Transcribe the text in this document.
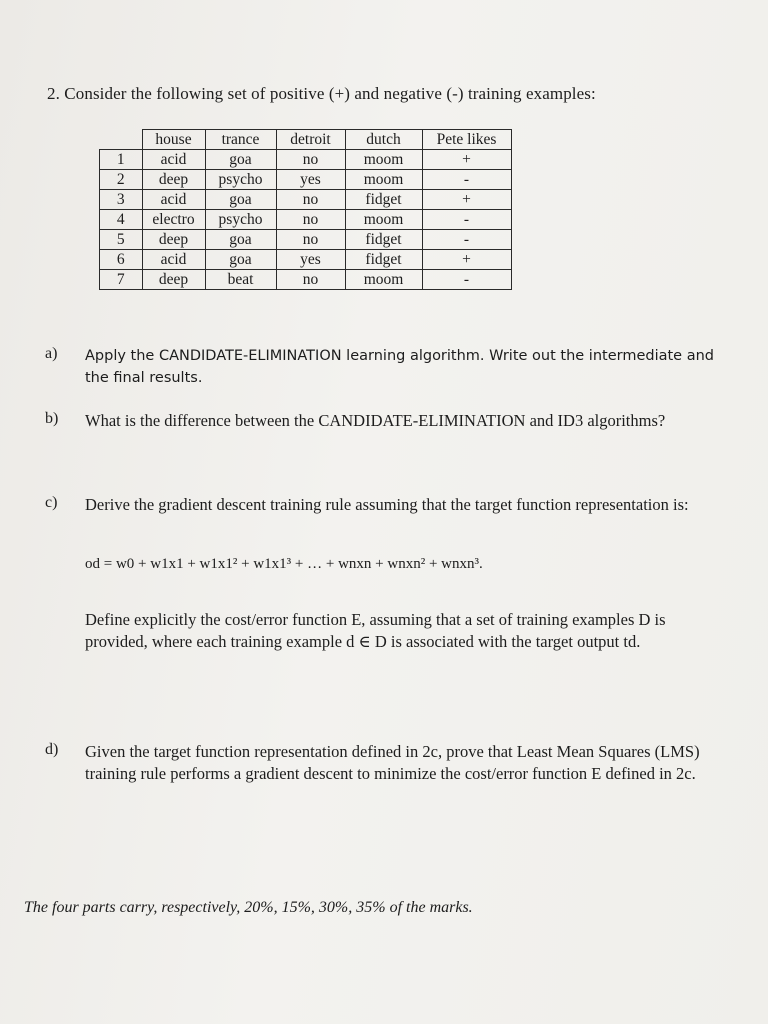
2. Consider the following set of positive (+) and negative (-) training examples:
	house	trance	detroit	dutch	Pete likes
1	acid	goa	no	moom	+
2	deep	psycho	yes	moom	-
3	acid	goa	no	fidget	+
4	electro	psycho	no	moom	-
5	deep	goa	no	fidget	-
6	acid	goa	yes	fidget	+
7	deep	beat	no	moom	-
a) Apply the CANDIDATE-ELIMINATION learning algorithm. Write out the intermediate and the final results.
b) What is the difference between the CANDIDATE-ELIMINATION and ID3 algorithms?
c) Derive the gradient descent training rule assuming that the target function representation is:
od = w0 + w1x1 + w1x1² + w1x1³ + … + wnxn + wnxn² + wnxn³.
Define explicitly the cost/error function E, assuming that a set of training examples D is provided, where each training example d ∈ D is associated with the target output td.
d) Given the target function representation defined in 2c, prove that Least Mean Squares (LMS) training rule performs a gradient descent to minimize the cost/error function E defined in 2c.
The four parts carry, respectively, 20%, 15%, 30%, 35% of the marks.
